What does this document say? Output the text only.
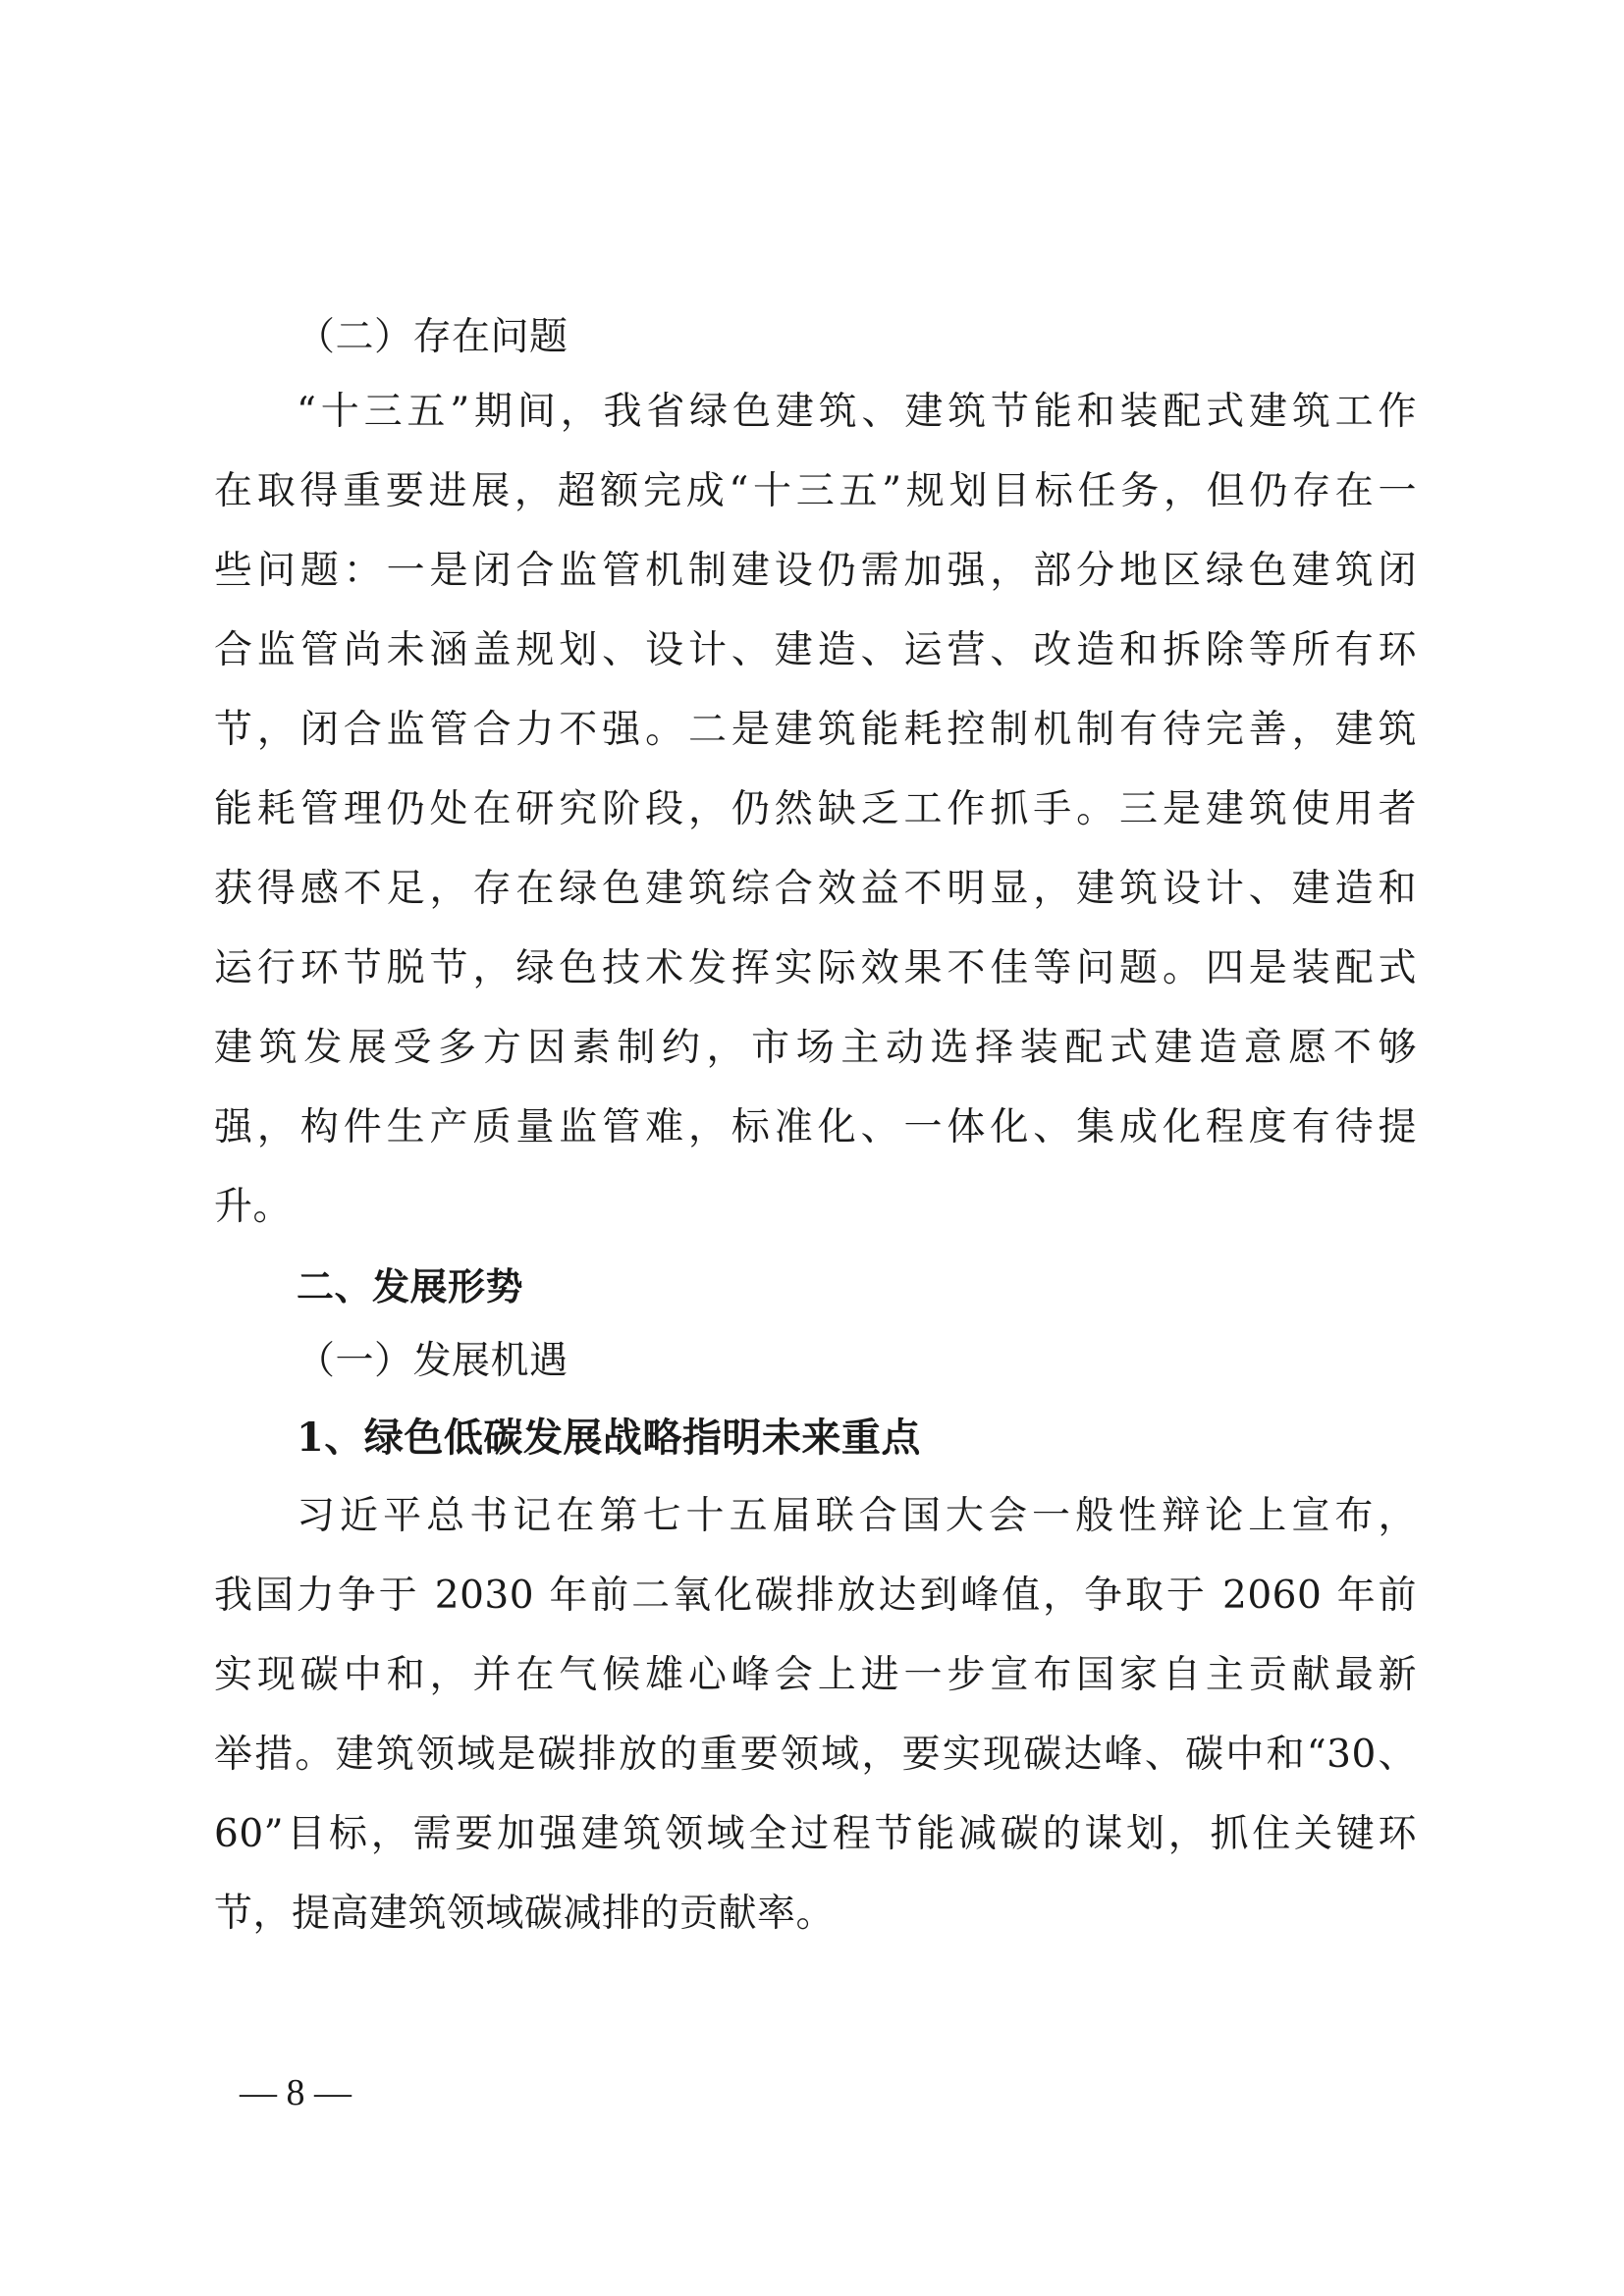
（二）存在问题
“十三五”期间，我省绿色建筑、建筑节能和装配式建筑工作
在取得重要进展，超额完成“十三五”规划目标任务，但仍存在一
些问题：一是闭合监管机制建设仍需加强，部分地区绿色建筑闭
合监管尚未涵盖规划、设计、建造、运营、改造和拆除等所有环
节，闭合监管合力不强。二是建筑能耗控制机制有待完善，建筑
能耗管理仍处在研究阶段，仍然缺乏工作抓手。三是建筑使用者
获得感不足，存在绿色建筑综合效益不明显，建筑设计、建造和
运行环节脱节，绿色技术发挥实际效果不佳等问题。四是装配式
建筑发展受多方因素制约，市场主动选择装配式建造意愿不够
强，构件生产质量监管难，标准化、一体化、集成化程度有待提
升。
二、发展形势
（一）发展机遇
1、绿色低碳发展战略指明未来重点
习近平总书记在第七十五届联合国大会一般性辩论上宣布，
我国力争于 2030 年前二氧化碳排放达到峰值，争取于 2060 年前
实现碳中和，并在气候雄心峰会上进一步宣布国家自主贡献最新
举措。建筑领域是碳排放的重要领域，要实现碳达峰、碳中和“30、
60”目标，需要加强建筑领域全过程节能减碳的谋划，抓住关键环
节，提高建筑领域碳减排的贡献率。
— 8 —
